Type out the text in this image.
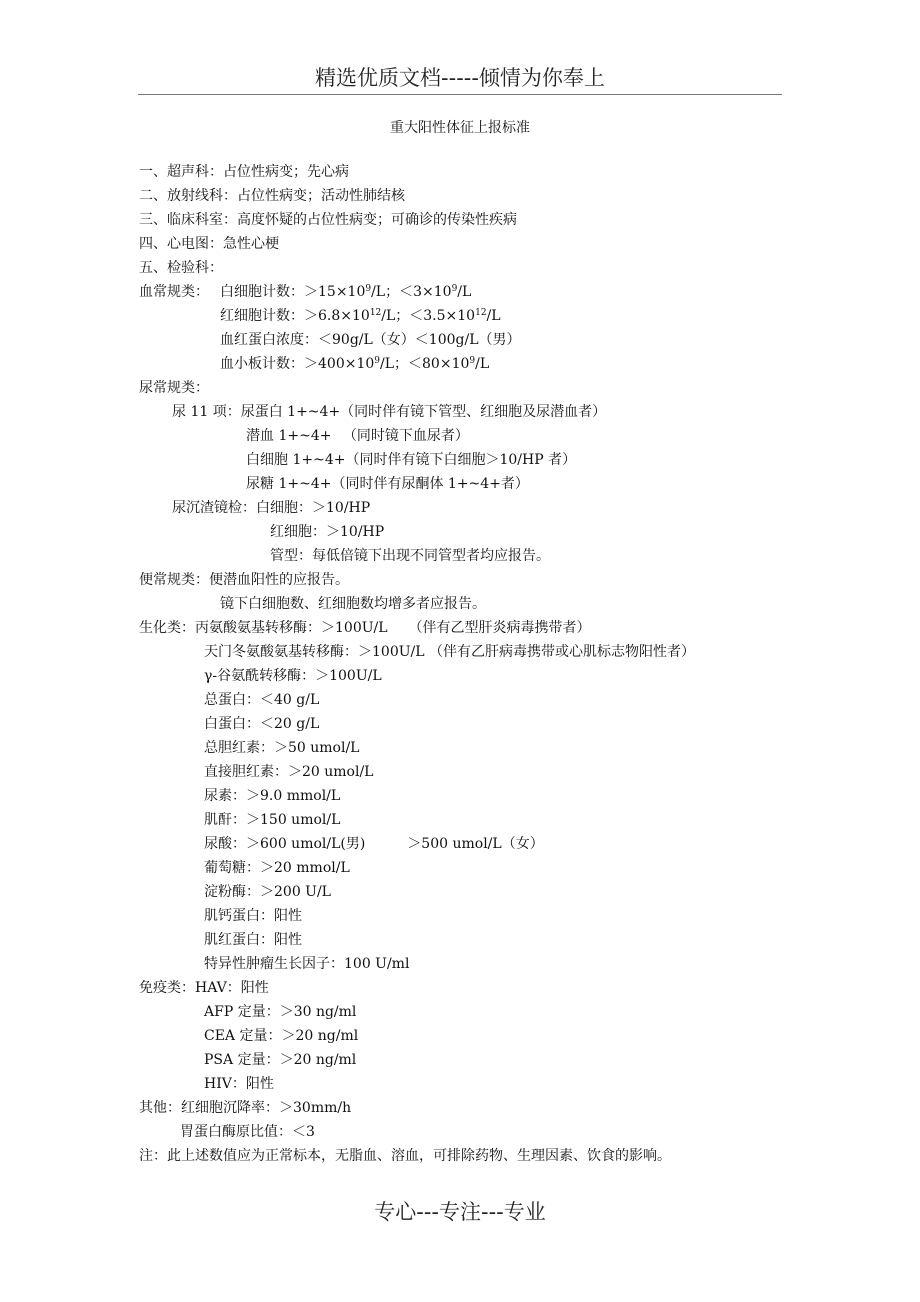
精选优质文档-----倾情为你奉上
重大阳性体征上报标准
一、超声科：占位性病变；先心病
二、放射线科：占位性病变；活动性肺结核
三、临床科室：高度怀疑的占位性病变；可确诊的传染性疾病
四、心电图：急性心梗
五、检验科：
血常规类： 白细胞计数：$>15\times 10^9/L$；$<3\times 10^9/L$
红细胞计数：$>6.8\times 10^{12}/L$；$<3.5\times 10^{12}/L$
血红蛋白浓度：＜90g/L（女）＜100g/L（男）
血小板计数：$>400\times 10^9/L$；$<80\times 10^9/L$
尿常规类：
尿 11 项：尿蛋白 1+~4+（同时伴有镜下管型、红细胞及尿潜血者）
潜血 1+~4+ 　（同时镜下血尿者）
白细胞 1+~4+（同时伴有镜下白细胞＞10/HP 者）
尿糖 1+~4+（同时伴有尿酮体 1+~4+者）
尿沉渣镜检：白细胞：＞10/HP
红细胞：＞10/HP
管型：每低倍镜下出现不同管型者均应报告。
便常规类：便潜血阳性的应报告。
镜下白细胞数、红细胞数均增多者应报告。
生化类：丙氨酸氨基转移酶：＞100U/L　　（伴有乙型肝炎病毒携带者）
天门冬氨酸氨基转移酶：＞100U/L （伴有乙肝病毒携带或心肌标志物阳性者）
γ-谷氨酰转移酶：＞100U/L
总蛋白：＜40 g/L
白蛋白：＜20 g/L
总胆红素：＞50 umol/L
直接胆红素：＞20 umol/L
尿素：＞9.0 mmol/L
肌酐：＞150 umol/L
尿酸：＞600 umol/L(男)　　　＞500 umol/L（女）
葡萄糖：＞20 mmol/L
淀粉酶：＞200 U/L
肌钙蛋白：阳性
肌红蛋白：阳性
特异性肿瘤生长因子：100 U/ml
免疫类：HAV：阳性
AFP 定量：＞30 ng/ml
CEA 定量：＞20 ng/ml
PSA 定量：＞20 ng/ml
HIV：阳性
其他：红细胞沉降率：＞30mm/h
胃蛋白酶原比值：＜3
注：此上述数值应为正常标本，无脂血、溶血，可排除药物、生理因素、饮食的影响。
专心---专注---专业
